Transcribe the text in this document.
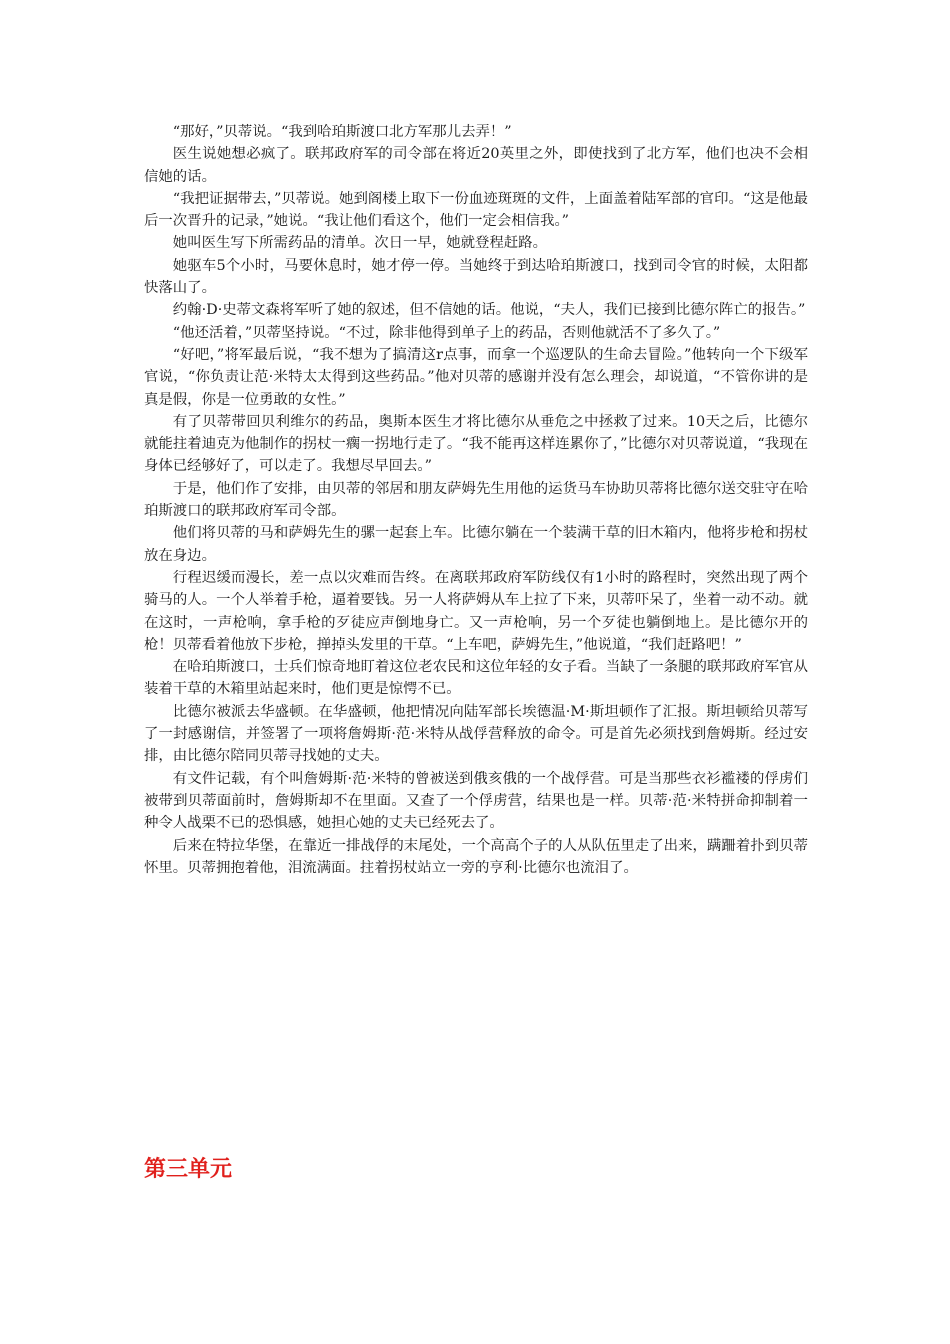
“那好，”贝蒂说。“我到哈珀斯渡口北方军那儿去弄！”

医生说她想必疯了。联邦政府军的司令部在将近20英里之外，即使找到了北方军，他们也决不会相信她的话。

“我把证据带去，”贝蒂说。她到阁楼上取下一份血迹斑斑的文件，上面盖着陆军部的官印。“这是他最后一次晋升的记录，”她说。“我让他们看这个，他们一定会相信我。”

她叫医生写下所需药品的清单。次日一早，她就登程赶路。

她驱车5个小时，马要休息时，她才停一停。当她终于到达哈珀斯渡口，找到司令官的时候，太阳都快落山了。

约翰·D·史蒂文森将军听了她的叙述，但不信她的话。他说，“夫人，我们已接到比德尔阵亡的报告。”

“他还活着，”贝蒂坚持说。“不过，除非他得到单子上的药品，否则他就活不了多久了。”

“好吧，”将军最后说，“我不想为了搞清这r点事，而拿一个巡逻队的生命去冒险。”他转向一个下级军官说，“你负责让范·米特太太得到这些药品。”他对贝蒂的感谢并没有怎么理会，却说道，“不管你讲的是真是假，你是一位勇敢的女性。”

有了贝蒂带回贝利维尔的药品，奥斯本医生才将比德尔从垂危之中拯救了过来。10天之后，比德尔就能拄着迪克为他制作的拐杖一瘸一拐地行走了。“我不能再这样连累你了，”比德尔对贝蒂说道，“我现在身体已经够好了，可以走了。我想尽早回去。”

于是，他们作了安排，由贝蒂的邻居和朋友萨姆先生用他的运货马车协助贝蒂将比德尔送交驻守在哈珀斯渡口的联邦政府军司令部。

他们将贝蒂的马和萨姆先生的骡一起套上车。比德尔躺在一个装满干草的旧木箱内，他将步枪和拐杖放在身边。

行程迟缓而漫长，差一点以灾难而告终。在离联邦政府军防线仅有1小时的路程时，突然出现了两个骑马的人。一个人举着手枪，逼着要钱。另一人将萨姆从车上拉了下来，贝蒂吓呆了，坐着一动不动。就在这时，一声枪响，拿手枪的歹徒应声倒地身亡。又一声枪响，另一个歹徒也躺倒地上。是比德尔开的枪！贝蒂看着他放下步枪，掸掉头发里的干草。“上车吧，萨姆先生，”他说道，“我们赶路吧！”

在哈珀斯渡口，士兵们惊奇地盯着这位老农民和这位年轻的女子看。当缺了一条腿的联邦政府军官从装着干草的木箱里站起来时，他们更是惊愕不已。

比德尔被派去华盛顿。在华盛顿，他把情况向陆军部长埃德温·M·斯坦顿作了汇报。斯坦顿给贝蒂写了一封感谢信，并签署了一项将詹姆斯·范·米特从战俘营释放的命令。可是首先必须找到詹姆斯。经过安排，由比德尔陪同贝蒂寻找她的丈夫。

有文件记载，有个叫詹姆斯·范·米特的曾被送到俄亥俄的一个战俘营。可是当那些衣衫褴褛的俘虏们被带到贝蒂面前时，詹姆斯却不在里面。又查了一个俘虏营，结果也是一样。贝蒂·范·米特拼命抑制着一种令人战栗不已的恐惧感，她担心她的丈夫已经死去了。

后来在特拉华堡，在靠近一排战俘的末尾处，一个高高个子的人从队伍里走了出来，蹒跚着扑到贝蒂怀里。贝蒂拥抱着他，泪流满面。拄着拐杖站立一旁的亨利·比德尔也流泪了。

第三单元
